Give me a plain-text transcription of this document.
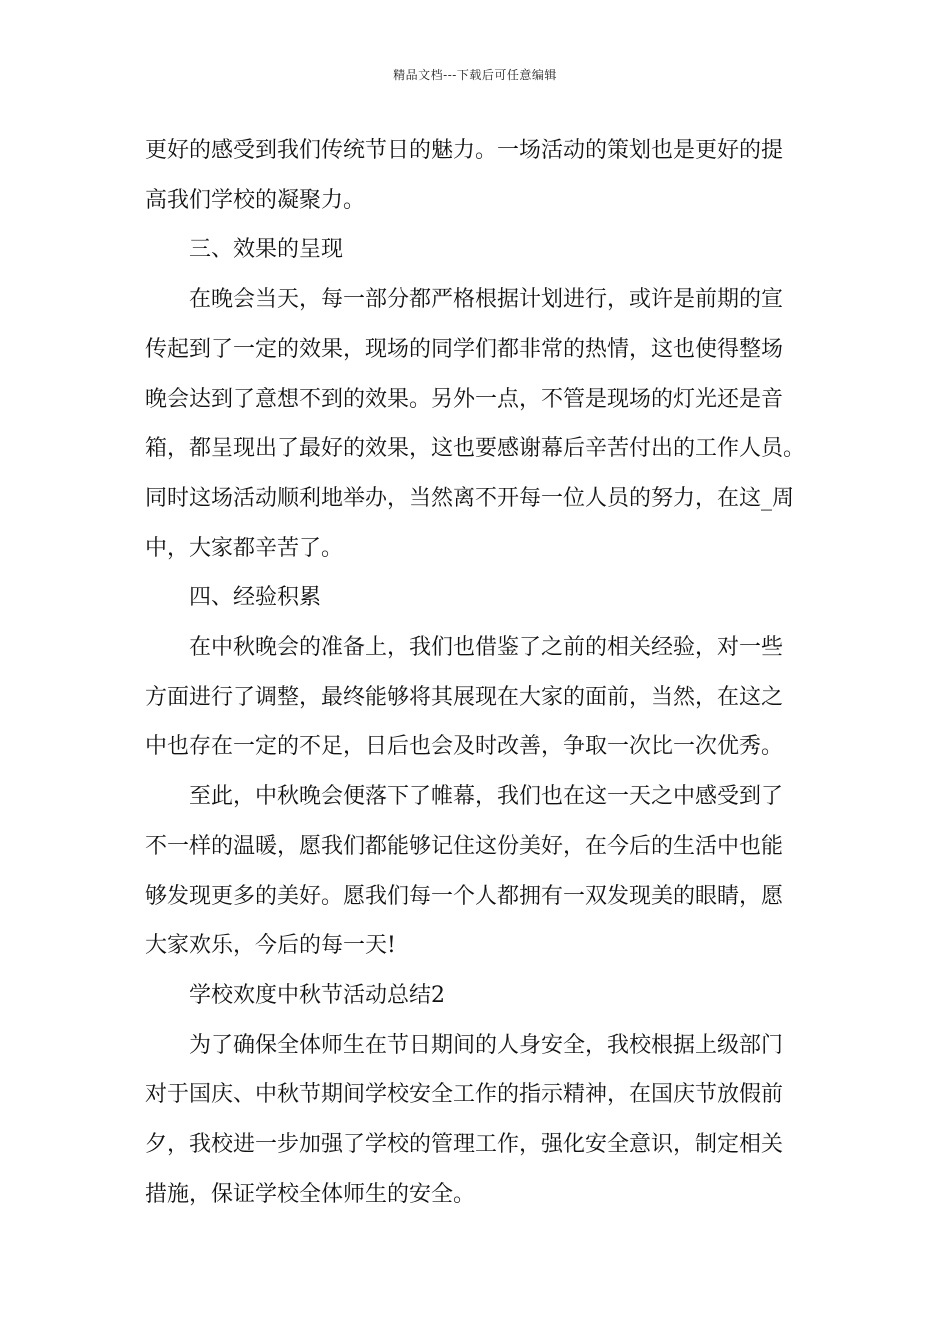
精品文档---下载后可任意编辑

更好的感受到我们传统节日的魅力。一场活动的策划也是更好的提

高我们学校的凝聚力。

　　三、效果的呈现

　　在晚会当天，每一部分都严格根据计划进行，或许是前期的宣

传起到了一定的效果，现场的同学们都非常的热情，这也使得整场

晚会达到了意想不到的效果。另外一点，不管是现场的灯光还是音

箱，都呈现出了最好的效果，这也要感谢幕后辛苦付出的工作人员。

同时这场活动顺利地举办，当然离不开每一位人员的努力，在这_周

中，大家都辛苦了。

　　四、经验积累

　　在中秋晚会的准备上，我们也借鉴了之前的相关经验，对一些

方面进行了调整，最终能够将其展现在大家的面前，当然，在这之

中也存在一定的不足，日后也会及时改善，争取一次比一次优秀。

　　至此，中秋晚会便落下了帷幕，我们也在这一天之中感受到了

不一样的温暖，愿我们都能够记住这份美好，在今后的生活中也能

够发现更多的美好。愿我们每一个人都拥有一双发现美的眼睛，愿

大家欢乐，今后的每一天!

　　学校欢度中秋节活动总结2

　　为了确保全体师生在节日期间的人身安全，我校根据上级部门

对于国庆、中秋节期间学校安全工作的指示精神，在国庆节放假前

夕，我校进一步加强了学校的管理工作，强化安全意识，制定相关

措施，保证学校全体师生的安全。
